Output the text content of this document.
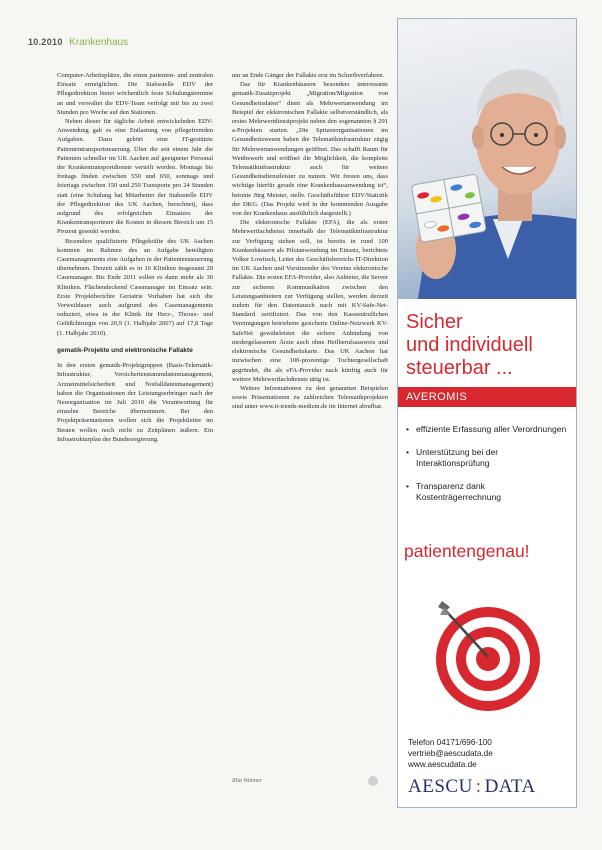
10.2010 Krankenhaus

Computer-Arbeitsplätze, die einen patienten- und zentralen Einsatz ermöglichen. Die Stabsstelle EDV der Pflegedirektion bietet wöchentlich feste Schulungstermine an und verwaltet die EDV-Team verfolgt mit bis zu zwei Stunden pro Woche auf den Stationen.

Neben dieser für tägliche Arbeit entwickelnden EDV-Anwendung gab es eine Entlastung von pflegefremden Aufgaben. Dazu gehört eine IT-gestützte Patiententransportsteuerung. Über die seit einem Jahr die Patienten schneller im UK Aachen auf geeigneter Personal der Krankentransportdienste verteilt werden. Montags bis freitags finden zwischen 550 und 650, sonntags und feiertags zwischen 150 und 250 Transporte pro 24 Stunden statt (eine Schulung hat Mitarbeiter der Stabsstelle EDV der Pflegedirektion des UK Aachen, berechnet), dass aufgrund des erfolgreichen Einsatzes der Krankentransporteure die Kosten in diesem Bereich um 15 Prozent gesenkt werden.

Besonders qualifizierte Pflegekräfte des UK Aachen kommen im Rahmen des an Aufgabe beteiligten Casemanagements eine Aufgaben in der Patientensteuerung übernehmen. Derzeit zählt es in 16 Kliniken insgesamt 20 Casemanager. Bis Ende 2011 sollen es dann mehr als 30 Kliniken. Flächendeckend Casemanager im Einsatz sein. Erste Projektberichte Geriatrie Vorhaben hat sich die Verweildauer auch aufgrund des Casemanagements reduziert, etwa in der Klinik für Herz-, Thorax- und Gefäßchirurgie von 20,9 (1. Halbjahr 2007) auf 17,8 Tage (1. Halbjahr 2010).

gematik-Projekte und elektronische Fallakte

In den ersten gematik-Projektgruppen (Basis-Telematik-Infrastruktur, Versichertenstammdatenmanagement, Arzneimittelsicherheit und Notfalldatenmanagement) haben die Organisationen der Leistungserbringer nach der Neuorganisation im Juli 2010 die Verantwortung für einzelne Bereiche übernommen. Bei den Projektpräsentationen wollen sich die Projektleiter im Besten wollen noch nicht zu Zeitplänen äußern. Ein Infrastrukturplan der Bundesregierung.

nur an Ende Gänger der Fallakte erst im Schreibverfahren.

Das für Krankenhäusern besonders interessante gematik-Zusatzprojekt „Migration/Migration von Gesundheitsdaten“ dient als Mehrwertanwendung im Beispiel der elektronischen Fallakte selbstverständlich, als erstes Mehrwertdienstprojekt neben den sogenannten § 291 a-Projekten starten. „Die Spitzenorganisationen im Gesundheitswesen haben die Telematikinfrastruktur zügig für Mehrwertanwendungen geöffnet. Das schafft Raum für Wettbewerb und eröffnet die Möglichkeit, die komplette Telematikinfrastruktur auch für weitere Gesundheitsdienstleister zu nutzen. Wir freuen uns, dass wichtige hierfür gerade eine Krankenhausanwendung ist“, betonte Jürg Meister, stellv. Geschäftsführer EDV/Statistik der DKG. (Das Projekt wird in der kommenden Ausgabe von der Krankenhaus ausführlich dargestellt.)

Die elektronische Fallakte (EFA), die als erster Mehrwertfachdienst innerhalb der Telematikinfrastruktur zur Verfügung stehen soll, ist bereits in rund 100 Krankenhäusern als Pilotanwendung im Einsatz, berichtete Volker Lowitsch, Leiter des Geschäftsbereichs IT-Direktion im UK Aachen und Vorsitzender des Vereins elektronische Fallakte. Die ersten EFA-Provider, also Anbieter, die Server zur sicheren Kommunikation zwischen den Leistungsanbietern zur Verfügung stellen, werden derzeit zudem für den Datentausch nach mit KV-Safe-Net-Standard zertifiziert. Das von den Kassenärztlichen Vereinigungen betriebene gesicherte Online-Netzwerk KV-SafeNet gewährleistet die sichere Anbindung von niedergelassenen Ärzte auch ohne Heilberufsausweis und elektronische Gesundheitskarte. Das UK Aachen hat inzwischen eine 100-prozentige Tochtergesellschaft gegründet, die als eFA-Provider nach künftig auch für weitere Mehrwertfachdienste tätig ist.

Weitere Informationen zu den genannten Beispielen sowie Präsentationen zu zahlreichen Telematikprojekten sind unter www.it-trends-medizin.de im Internet abrufbar.

Rita Wanner
Sicher
und individuell
steuerbar ...
AVEROMIS
• effiziente Erfassung aller Verordnungen
• Unterstützung bei der Interaktionsprüfung
• Transparenz dank Kostenträgerrechnung
patientengenau!
Telefon 04171/696-100
vertrieb@aescudata.de
www.aescudata.de
AESCU : DATA
